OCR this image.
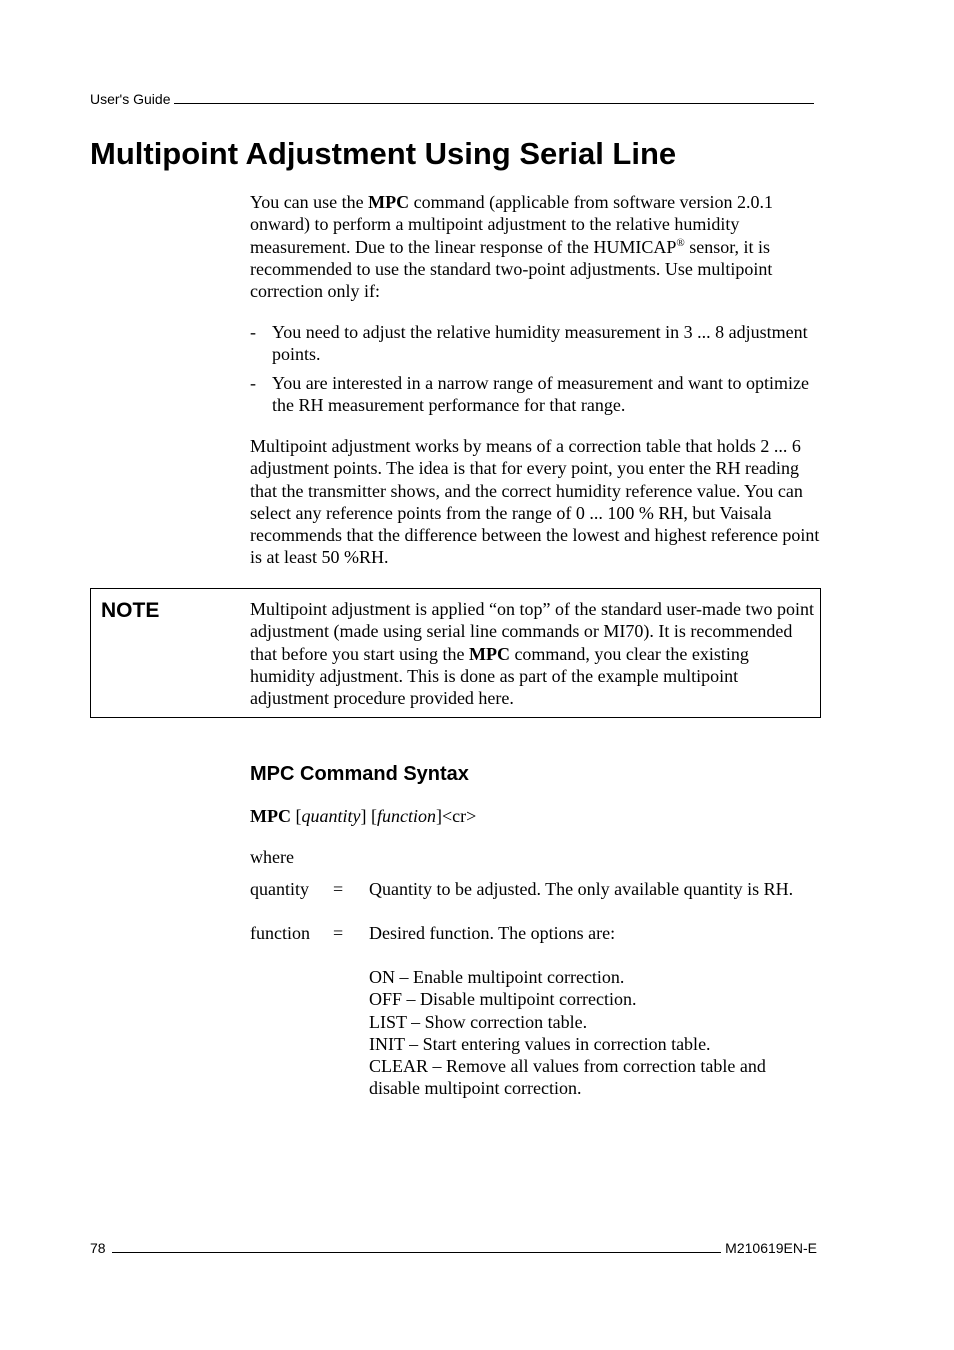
User's Guide
Multipoint Adjustment Using Serial Line

You can use the MPC command (applicable from software version 2.0.1 onward) to perform a multipoint adjustment to the relative humidity measurement. Due to the linear response of the HUMICAP® sensor, it is recommended to use the standard two-point adjustments. Use multipoint correction only if:

- You need to adjust the relative humidity measurement in 3 ... 8 adjustment points.
- You are interested in a narrow range of measurement and want to optimize the RH measurement performance for that range.

Multipoint adjustment works by means of a correction table that holds 2 ... 6 adjustment points. The idea is that for every point, you enter the RH reading that the transmitter shows, and the correct humidity reference value. You can select any reference points from the range of 0 ... 100 % RH, but Vaisala recommends that the difference between the lowest and highest reference point is at least 50 %RH.

NOTE	Multipoint adjustment is applied “on top” of the standard user-made two point adjustment (made using serial line commands or MI70). It is recommended that before you start using the MPC command, you clear the existing humidity adjustment. This is done as part of the example multipoint adjustment procedure provided here.

MPC Command Syntax

MPC [quantity] [function]<cr>

where

quantity = Quantity to be adjusted. The only available quantity is RH.
function = Desired function. The options are:
ON – Enable multipoint correction.
OFF – Disable multipoint correction.
LIST – Show correction table.
INIT – Start entering values in correction table.
CLEAR – Remove all values from correction table and disable multipoint correction.
78	M210619EN-E
